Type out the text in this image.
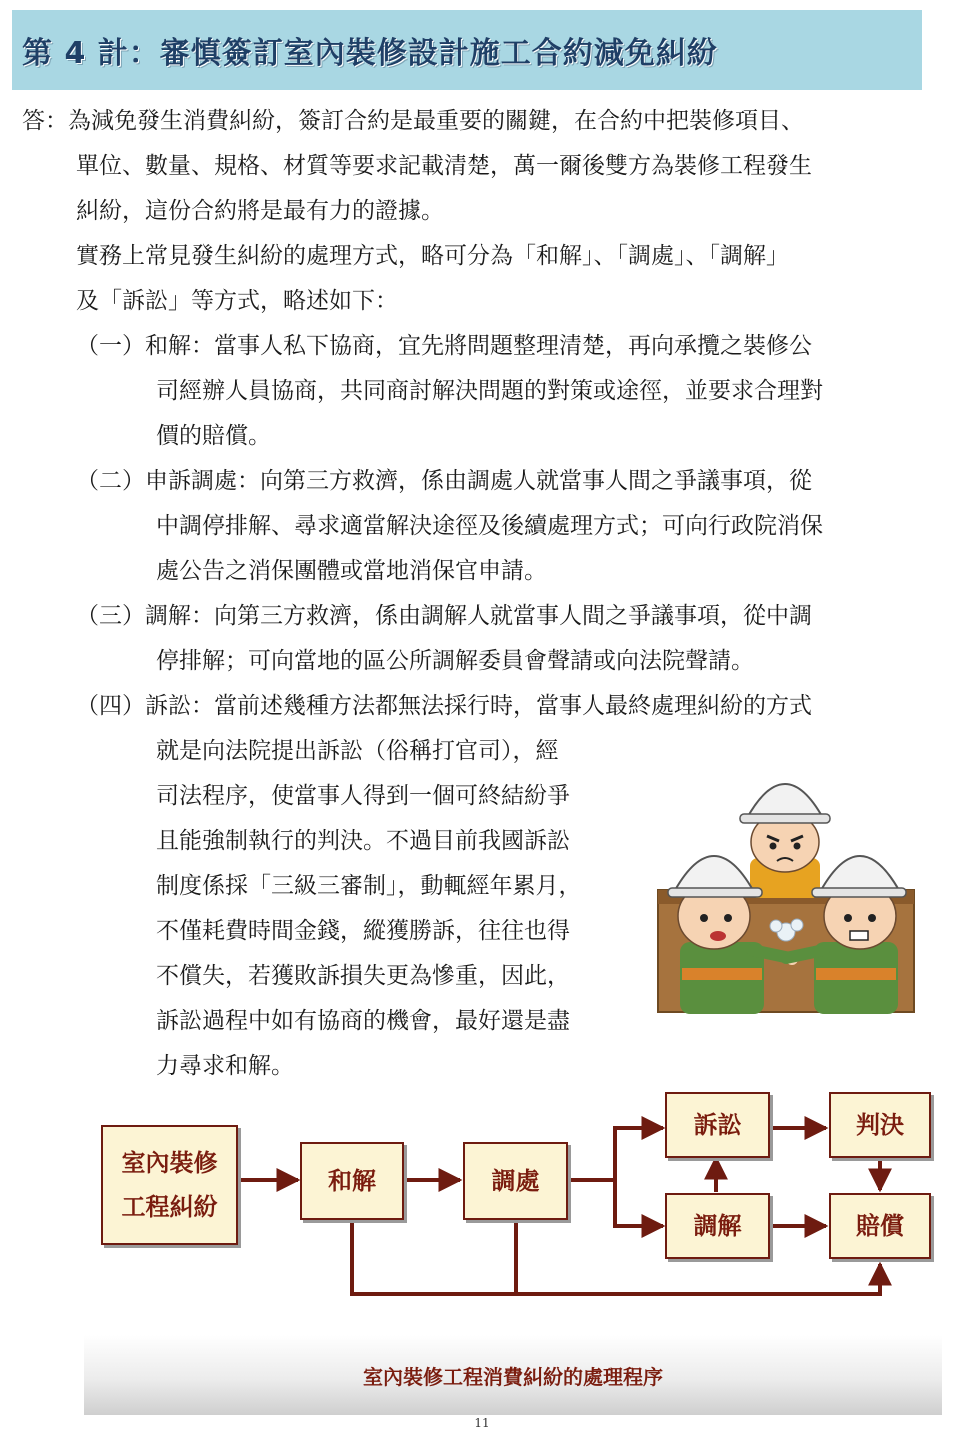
第 4 計：審慎簽訂室內裝修設計施工合約減免糾紛
答：為減免發生消費糾紛，簽訂合約是最重要的關鍵，在合約中把裝修項目、
單位、數量、規格、材質等要求記載清楚，萬一爾後雙方為裝修工程發生
糾紛，這份合約將是最有力的證據。
實務上常見發生糾紛的處理方式，略可分為「和解」、「調處」、「調解」
及「訴訟」等方式，略述如下：
（一）和解：當事人私下協商，宜先將問題整理清楚，再向承攬之裝修公
司經辦人員協商，共同商討解決問題的對策或途徑，並要求合理對
價的賠償。
（二）申訴調處：向第三方救濟，係由調處人就當事人間之爭議事項，從
中調停排解、尋求適當解決途徑及後續處理方式；可向行政院消保
處公告之消保團體或當地消保官申請。
（三）調解：向第三方救濟，係由調解人就當事人間之爭議事項，從中調
停排解；可向當地的區公所調解委員會聲請或向法院聲請。
（四）訴訟：當前述幾種方法都無法採行時，當事人最終處理糾紛的方式
就是向法院提出訴訟（俗稱打官司），經
司法程序，使當事人得到一個可終結紛爭
且能強制執行的判決。不過目前我國訴訟
制度係採「三級三審制」，動輒經年累月，
不僅耗費時間金錢，縱獲勝訴，往往也得
不償失，若獲敗訴損失更為慘重，因此，
訴訟過程中如有協商的機會，最好還是盡
力尋求和解。
室內裝修
工程糾紛
和解	調處
訴訟	判決
調解	賠償
室內裝修工程消費糾紛的處理程序
11
